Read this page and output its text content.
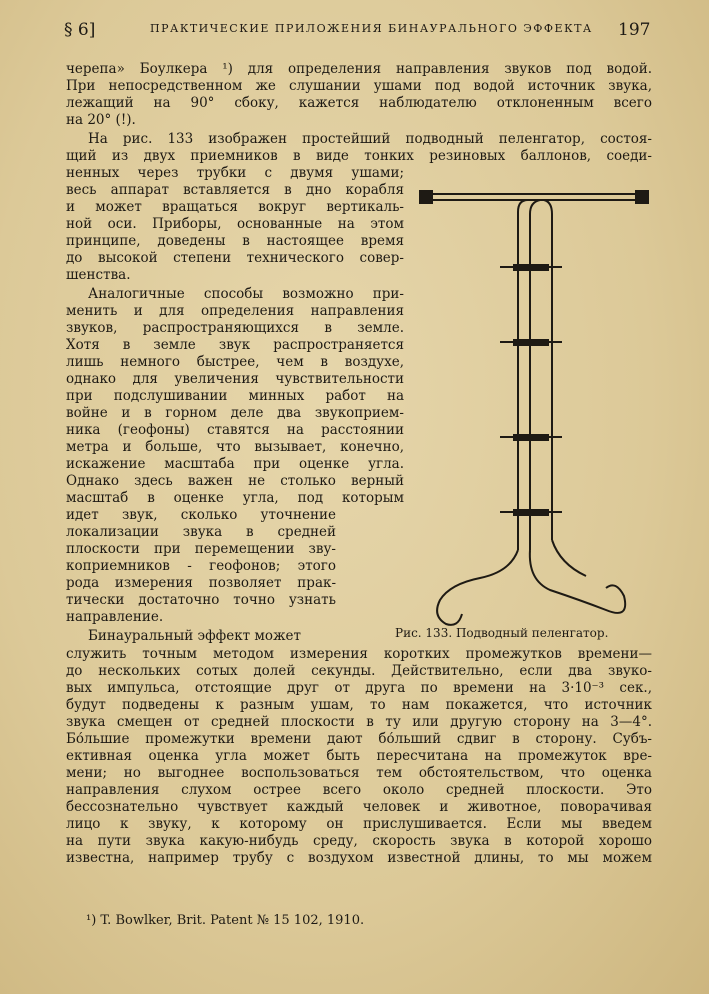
§ 6]	ПРАКТИЧЕСКИЕ ПРИЛОЖЕНИЯ БИНАУРАЛЬНОГО ЭФФЕКТА 197
черепа» Боулкера ¹) для определения направления звуков под водой.
При непосредственном же слушании ушами под водой источник звука,
лежащий на 90° сбоку, кажется наблюдателю отклоненным всего
на 20° (!).
На рис. 133 изображен простейший подводный пеленгатор, состоя-
щий из двух приемников в виде тонких резиновых баллонов, соеди-
ненных через трубки с двумя ушами;
весь аппарат вставляется в дно корабля
и может вращаться вокруг вертикаль-
ной оси. Приборы, основанные на этом
принципе, доведены в настоящее время
до высокой степени технического совер-
шенства.
Аналогичные способы возможно при-
менить и для определения направления
звуков, распространяющихся в земле.
Хотя в земле звук распространяется
лишь немного быстрее, чем в воздухе,
однако для увеличения чувствительности
при подслушивании минных работ на
войне и в горном деле два звукоприем-
ника (геофоны) ставятся на расстоянии
метра и больше, что вызывает, конечно,
искажение масштаба при оценке угла.
Однако здесь важен не столько верный
масштаб в оценке угла, под которым
идет звук, сколько уточнение
локализации звука в средней
плоскости при перемещении зву-
коприемников - геофонов; этого
рода измерения позволяет прак-
тически достаточно точно узнать
направление.
Бинауральный эффект может
служить точным методом измерения коротких промежутков времени—
до нескольких сотых долей секунды. Действительно, если два звуко-
вых импульса, отстоящие друг от друга по времени на 3·10⁻³ сек.,
будут подведены к разным ушам, то нам покажется, что источник
звука смещен от средней плоскости в ту или другую сторону на 3—4°.
Бо́льшие промежутки времени дают бо́льший сдвиг в сторону. Субъ-
ективная оценка угла может быть пересчитана на промежуток вре-
мени; но выгоднее воспользоваться тем обстоятельством, что оценка
направления слухом острее всего около средней плоскости. Это
бессознательно чувствует каждый человек и животное, поворачивая
лицо к звуку, к которому он прислушивается. Если мы введем
на пути звука какую-нибудь среду, скорость звука в которой хорошо
известна, например трубу с воздухом известной длины, то мы можем
Рис. 133. Подводный пеленгатор.
¹) T. Bowlker, Brit. Patent № 15 102, 1910.
